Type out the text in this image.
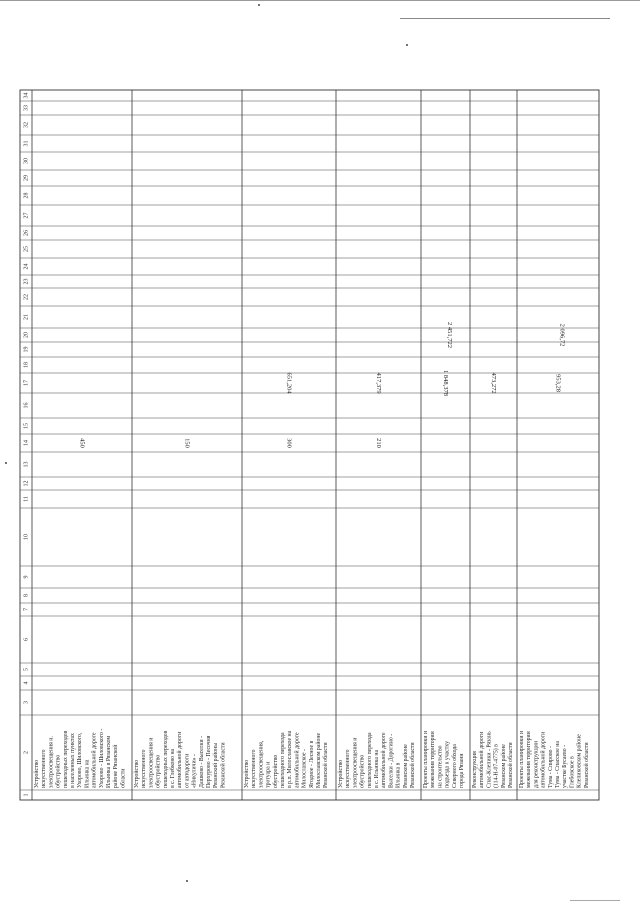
1
2
3
4
5
6
7
8
9
10
11
12
13
14
15
16
17
18
19
20
21
22
23
24
25
26
27
28
29
30
31
32
33
34
Устройство искусственного электроосвещения н. обустройство пешеходных переходов в населенных пунктах Ухорово, Шиловского, Ильинка на автомобильной дороге Ухорово - Шиловского - Ильинка в Рязанском районе Рязанской области
450
Устройство искусственного электроосвещения и обустройство пешеходных переходов в с. Глебково на автомобильной дороги от автодороги «Никуличи» - Дашково - Выселки - Перхурово - Песочня Рязанский районы Рязанской области
150
Устройство искусственного электроосвещения, тротуара и обустройство пешеходного перехода в р.п. Милославское на автомобильной дороге Милославское - Ягодное - Лесное в Милославском районе Рязанской области
300
651,204
Устройство искусственного электроосвещения и обустройство пешеходного перехода в с. Ильинка на автомобильной дороге Выселки - Дорогино - Ильинка в Рязанском районе Рязанской области
210
417,379
Проекты планировки и межевания территории на строительство подъезда к участку Северного обхода города Рязани
1 848,378
2 451,722
Реконструкция автомобильной дороги Спас-Клепики - Рязань (114-Н-07-4775) в Рязанском районе Рязанской области
473,272
Проекты планировки и межевания территории для реконструкции автомобильной дороги Тума - Спирово - Тума - Спасское на участке Бусаево - Глебовское в Клепиковском районе Рязанской области
953,28
2 096,72
